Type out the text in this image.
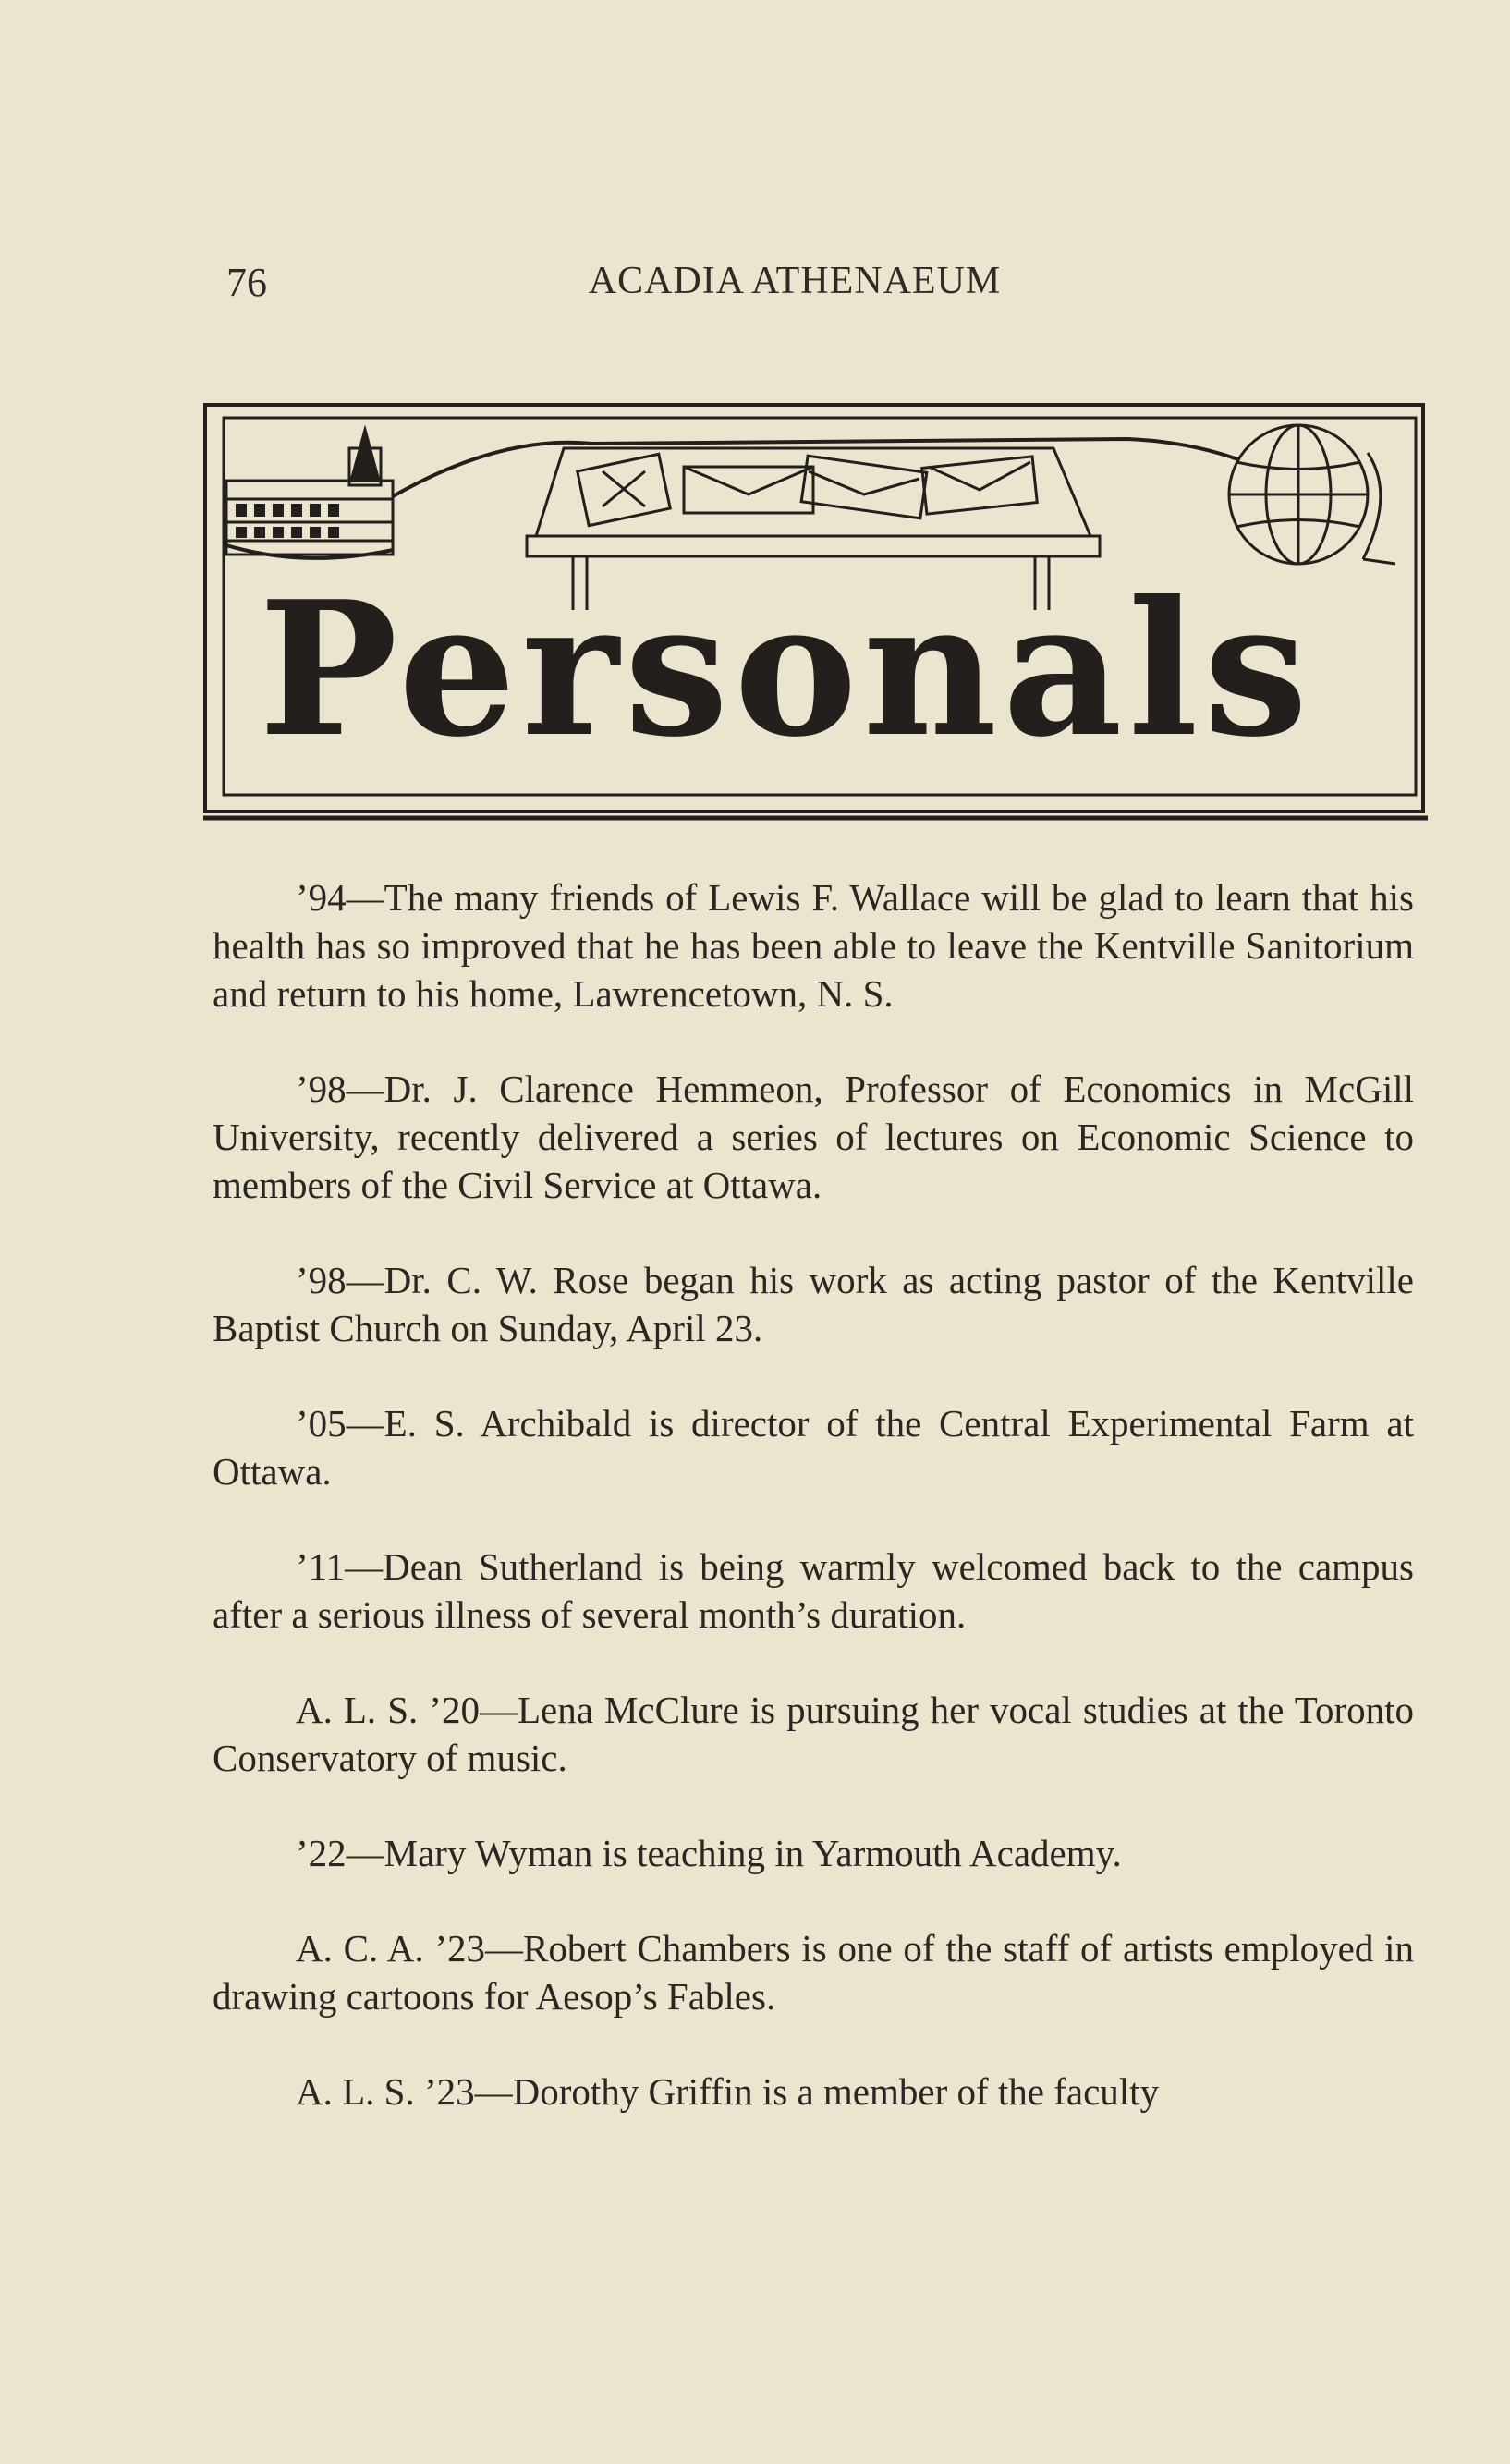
76	ACADIA ATHENAEUM
Personals

’94—The many friends of Lewis F. Wallace will be glad to learn that his health has so improved that he has been able to leave the Kentville Sanitorium and return to his home, Lawrencetown, N. S.

’98—Dr. J. Clarence Hemmeon, Professor of Economics in McGill University, recently delivered a series of lectures on Economic Science to members of the Civil Service at Ottawa.

’98—Dr. C. W. Rose began his work as acting pastor of the Kentville Baptist Church on Sunday, April 23.

’05—E. S. Archibald is director of the Central Experimental Farm at Ottawa.

’11—Dean Sutherland is being warmly welcomed back to the campus after a serious illness of several month’s duration.

A. L. S. ’20—Lena McClure is pursuing her vocal studies at the Toronto Conservatory of music.

’22—Mary Wyman is teaching in Yarmouth Academy.

A. C. A. ’23—Robert Chambers is one of the staff of artists employed in drawing cartoons for Aesop’s Fables.

A. L. S. ’23—Dorothy Griffin is a member of the faculty
